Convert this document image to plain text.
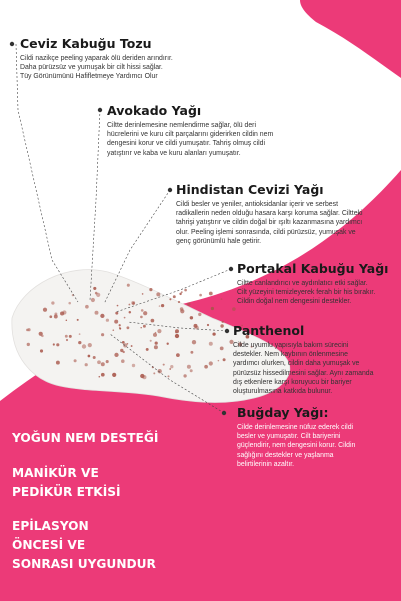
Ceviz Kabuğu Tozu
Cildi nazikçe peeling yaparak ölü deriden arındırır.
Daha pürüzsüz ve yumuşak bir cilt hissi sağlar.
Tüy Görünümünü Hafifletmeye Yardımcı Olur
Avokado Yağı
Ciltte derinlemesine nemlendirme sağlar, ölü deri
hücrelerini ve kuru cilt parçalarını giderirken cildin nem
dengesini korur ve cildi yumuşatır. Tahriş olmuş cildi
yatıştırır ve kaba ve kuru alanları yumuşatır.
Hindistan Cevizi Yağı
Cildi besler ve yeniler, antioksidanlar içerir ve serbest
radikallerin neden olduğu hasara karşı koruma sağlar. Ciltteki
tahrişi yatıştırır ve cildin doğal bir ışıltı kazanmasına yardımcı
olur. Peeling işlemi sonrasında, cildi pürüzsüz, yumuşak ve
genç görünümlü hale getirir.
Portakal Kabuğu Yağı
Ciltte canlandırıcı ve aydınlatıcı etki sağlar.
Cilt yüzeyini temizleyerek ferah bir his bırakır.
Cildin doğal nem dengesini destekler.
Panthenol
Cilde uyumlu yapısıyla bakım sürecini
destekler. Nem kaybının önlenmesine
yardımcı olurken, cildin daha yumuşak ve
pürüzsüz hissedilmesini sağlar. Aynı zamanda
dış etkenlere karşı koruyucu bir bariyer
oluşturulmasına katkıda bulunur.
Buğday Yağı:
Cilde derinlemesine nüfuz ederek cildi
besler ve yumuşatır. Cilt bariyerini
güçlendirir, nem dengesini korur. Cildin
sağlığını destekler ve yaşlanma
belirtilerinin azaltır.
YOĞUN NEM DESTEĞİ
MANİKÜR VE
PEDİKÜR ETKİSİ
EPİLASYON
ÖNCESİ VE
SONRASI UYGUNDUR
